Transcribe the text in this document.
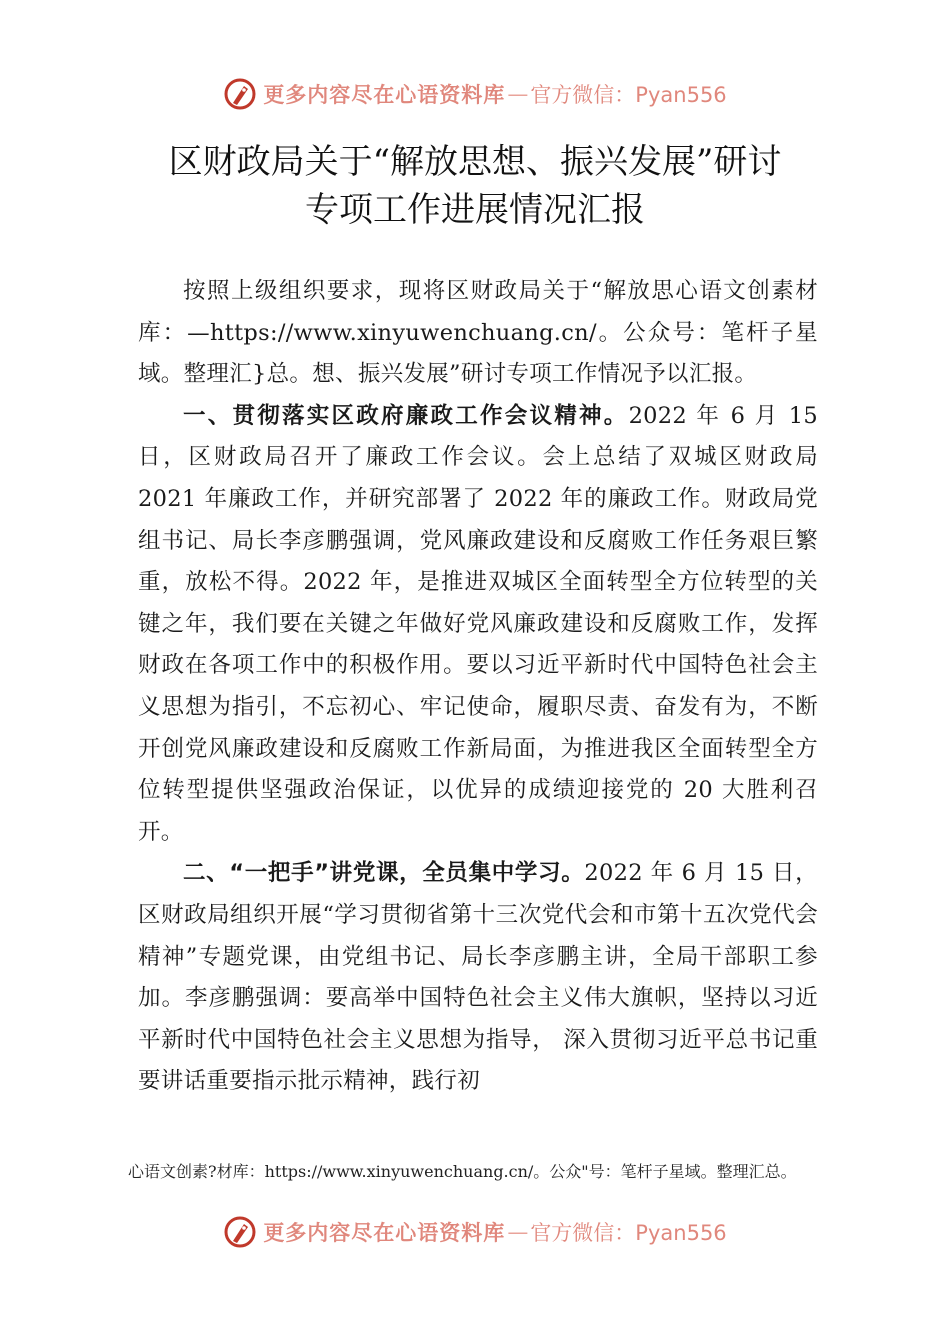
更多内容尽在心语资料库 — 官方微信：Pyan556
区财政局关于“解放思想、振兴发展”研讨
专项工作进展情况汇报

按照上级组织要求，现将区财政局关于“解放思心语文创素材库：—https://www.xinyuwenchuang.cn/。公众号：笔杆子星域。整理汇}总。想、振兴发展”研讨专项工作情况予以汇报。

一、贯彻落实区政府廉政工作会议精神。2022 年 6 月 15 日，区财政局召开了廉政工作会议。会上总结了双城区财政局 2021 年廉政工作，并研究部署了 2022 年的廉政工作。财政局党组书记、局长李彦鹏强调，党风廉政建设和反腐败工作任务艰巨繁重，放松不得。2022 年，是推进双城区全面转型全方位转型的关键之年，我们要在关键之年做好党风廉政建设和反腐败工作，发挥财政在各项工作中的积极作用。要以习近平新时代中国特色社会主义思想为指引，不忘初心、牢记使命，履职尽责、奋发有为，不断开创党风廉政建设和反腐败工作新局面，为推进我区全面转型全方位转型提供坚强政治保证，以优异的成绩迎接党的 20 大胜利召开。

二、“一把手”讲党课，全员集中学习。2022 年 6 月 15 日，区财政局组织开展“学习贯彻省第十三次党代会和市第十五次党代会精神”专题党课，由党组书记、局长李彦鹏主讲，全局干部职工参加。李彦鹏强调：要高举中国特色社会主义伟大旗帜，坚持以习近平新时代中国特色社会主义思想为指导， 深入贯彻习近平总书记重要讲话重要指示批示精神，践行初

心语文创素?材库：https://www.xinyuwenchuang.cn/。公众"号：笔杆子星域。整理汇总。
更多内容尽在心语资料库 — 官方微信：Pyan556
